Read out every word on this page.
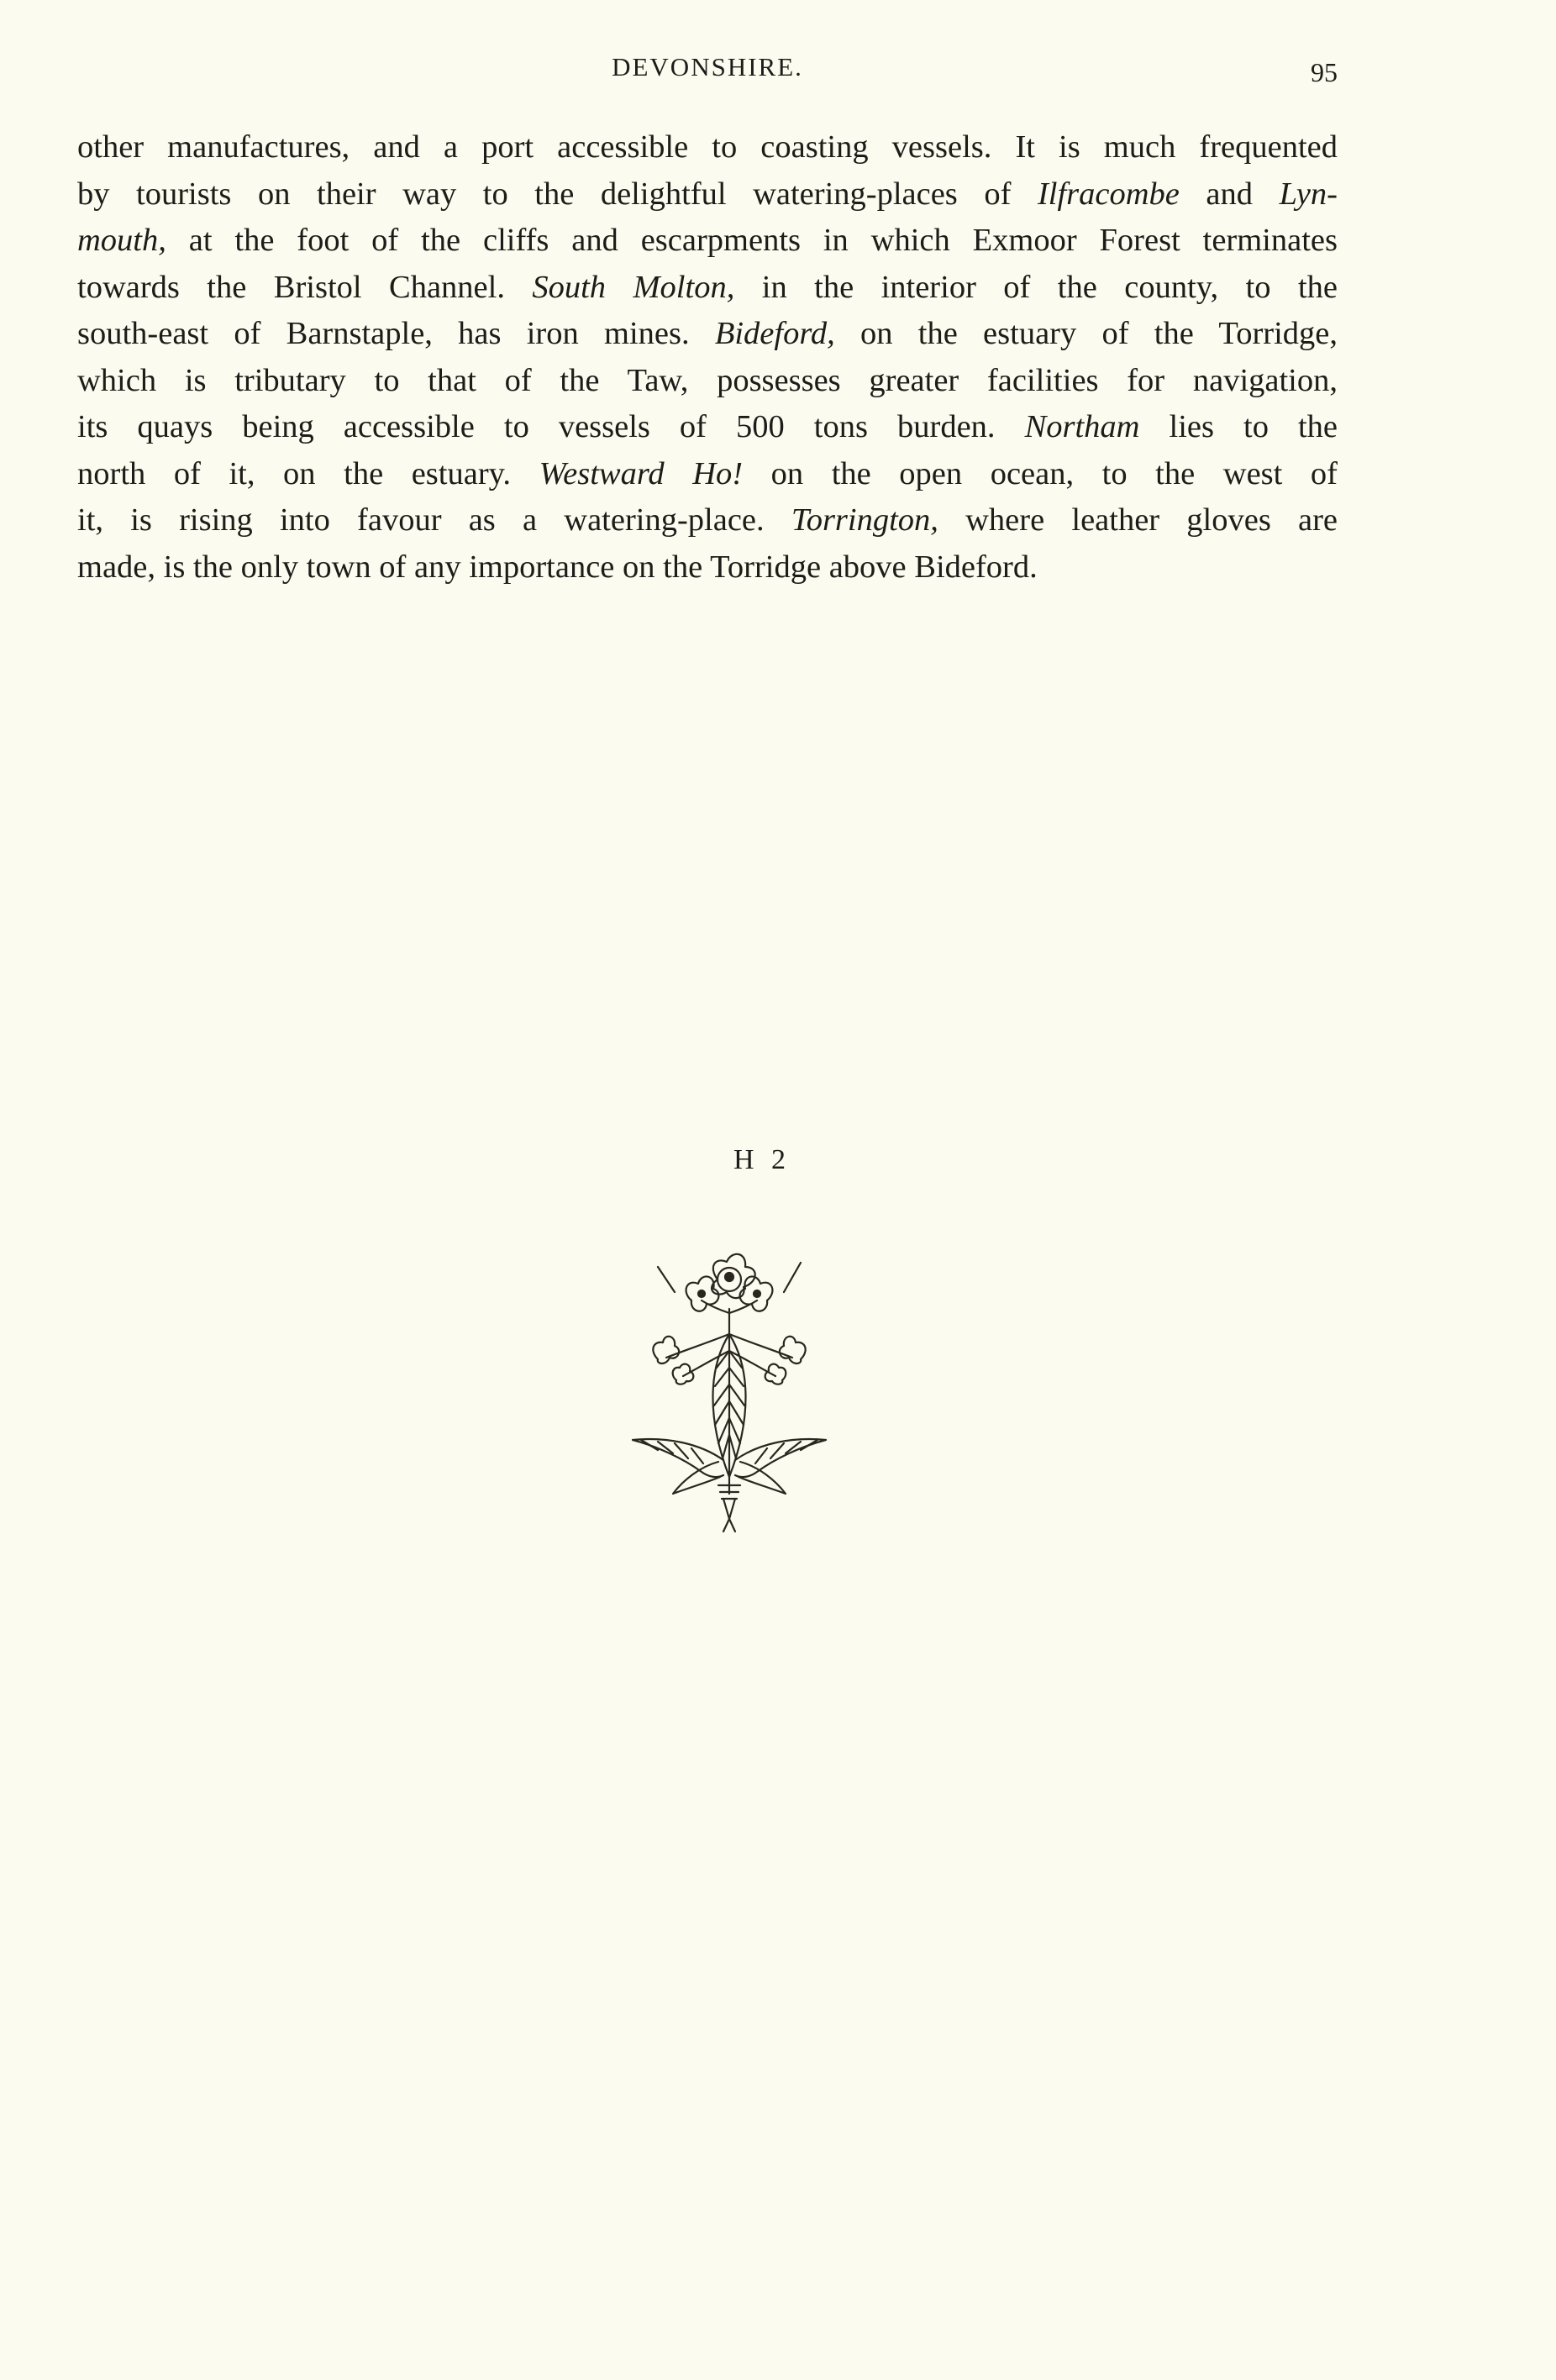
DEVONSHIRE.	95
other manufactures, and a port accessible to coasting vessels. It is much frequented
by tourists on their way to the delightful watering-places of Ilfracombe and Lyn-
mouth, at the foot of the cliffs and escarpments in which Exmoor Forest terminates
towards the Bristol Channel. South Molton, in the interior of the county, to the
south-east of Barnstaple, has iron mines. Bideford, on the estuary of the Torridge,
which is tributary to that of the Taw, possesses greater facilities for navigation,
its quays being accessible to vessels of 500 tons burden. Northam lies to the
north of it, on the estuary. Westward Ho! on the open ocean, to the west of
it, is rising into favour as a watering-place. Torrington, where leather gloves are
made, is the only town of any importance on the Torridge above Bideford.
H 2
